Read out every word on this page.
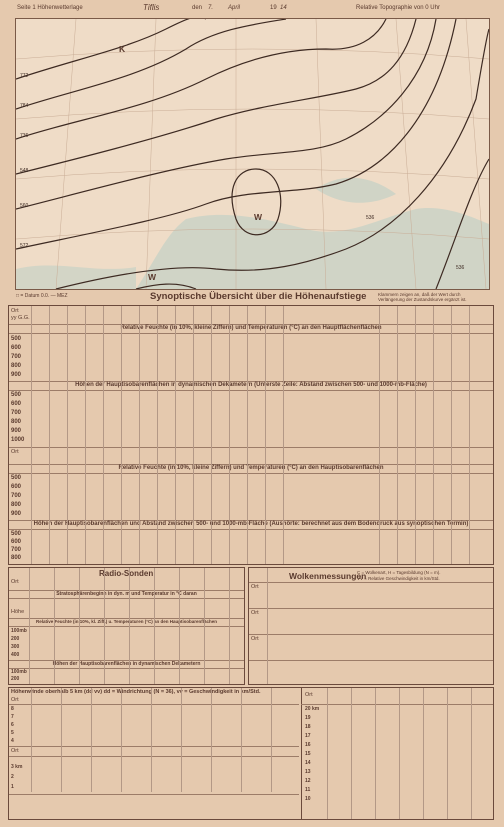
Seite 1 Höhenwetterlage	Tiflis	den 7. April	19 14	Relative Topographie von 0 Uhr
772
784
736
548
560
572
536
536
K
W
W
□ = Datum 0.0. — MEZ	Synoptische Übersicht über die Höhenaufstiege	Klammern zeigen an, daß der Wert durch Verlängerung der Zustandskurve ergänzt ist.
Ort
yy G.G.
Relative Feuchte (in 10%, kleine Ziffern) und Temperaturen (°C) an den Hauptflächenflächen
500
600
700
800
900
Höhen der Hauptisobarenflächen in dynamischen Dekametern (Unterste Zeile: Abstand zwischen 500- und 1000-mb-Fläche)
500
600
700
800
900
1000
Ort
Relative Feuchte (in 10%, kleine Ziffern) und Temperaturen (°C) an den Hauptisobarenflächen
500
600
700
800
900
Höhen der Hauptisobarenflächen und Abstand zwischen 500- und 1000-mb-Fläche (Aushörte: berechnet aus dem Bodendruck aus synoptischen Termin)
500
600
700
800
Radio-Sonden
Ort
Stratosphärenbeginn in dyn. m und Temperatur in °C daran
Höhe
Relative Feuchte (in 10%, kl. Ziff.) u. Temperaturen (°C) an den Hauptisobarenflächen
100mb
200
300
400
Höhen der Hauptisobarenflächen in dynamischen Dekametern
100mb
200
Wolkenmessungen
C = Wolkenart, H = Tagesbildung (N = m).
VV = Relative Geschwindigkeit in km/Std.
Ort
Ort
Ort
Höhenwinde oberhalb 5 km (dd vv) dd = Windrichtung (N = 36), vv = Geschwindigkeit in km/Std.
Ort
8
7
6
5
4
Ort
3 km
2
1
Ort
20 km
19
18
17
16
15
14
13
12
11
10
